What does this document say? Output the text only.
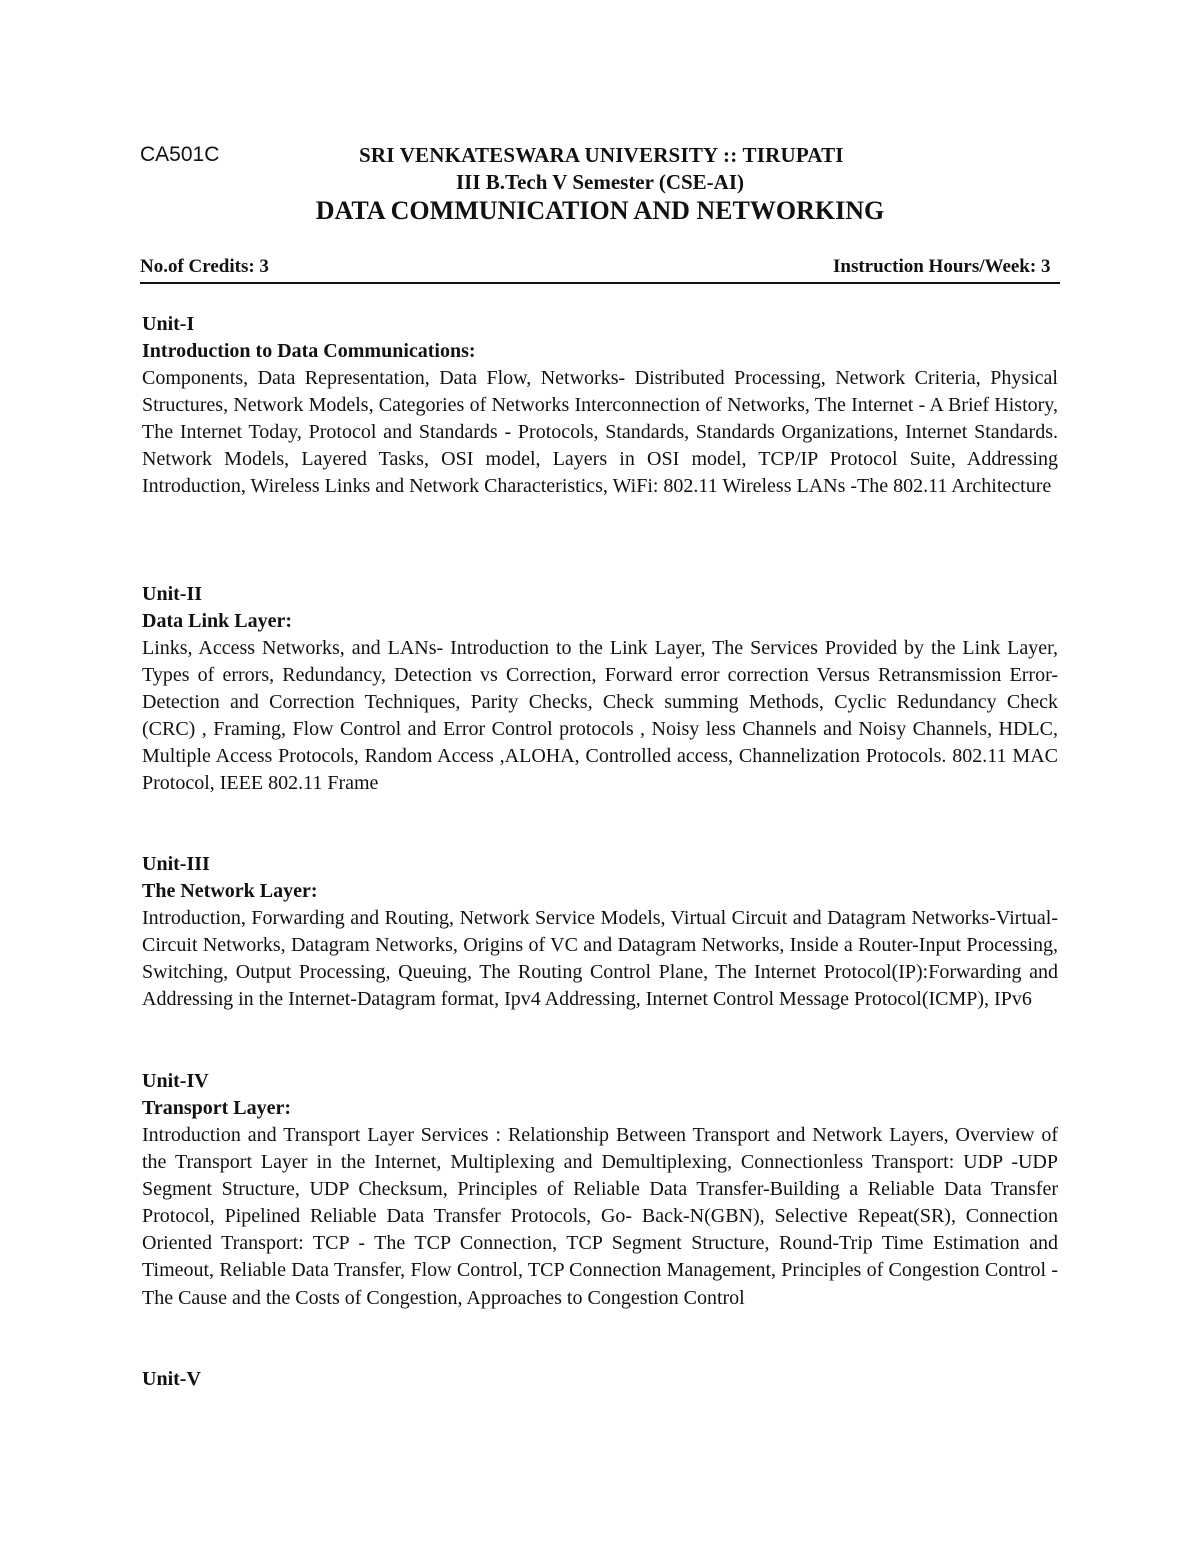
CA501C	SRI VENKATESWARA UNIVERSITY :: TIRUPATI
III B.Tech V Semester (CSE-AI)
DATA COMMUNICATION AND NETWORKING
No.of Credits: 3	Instruction Hours/Week: 3

Unit-I

Introduction to Data Communications:

Components, Data Representation, Data Flow, Networks- Distributed Processing, Network Criteria, Physical Structures, Network Models, Categories of Networks Interconnection of Networks, The Internet - A Brief History, The Internet Today, Protocol and Standards - Protocols, Standards, Standards Organizations, Internet Standards. Network Models, Layered Tasks, OSI model, Layers in OSI model, TCP/IP Protocol Suite, Addressing Introduction, Wireless Links and Network Characteristics, WiFi: 802.11 Wireless LANs -The 802.11 Architecture

Unit-II

Data Link Layer:

Links, Access Networks, and LANs- Introduction to the Link Layer, The Services Provided by the Link Layer, Types of errors, Redundancy, Detection vs Correction, Forward error correction Versus Retransmission Error-Detection and Correction Techniques, Parity Checks, Check summing Methods, Cyclic Redundancy Check (CRC) , Framing, Flow Control and Error Control protocols , Noisy less Channels and Noisy Channels, HDLC, Multiple Access Protocols, Random Access ,ALOHA, Controlled access, Channelization Protocols. 802.11 MAC Protocol, IEEE 802.11 Frame

Unit-III

The Network Layer:

Introduction, Forwarding and Routing, Network Service Models, Virtual Circuit and Datagram Networks-Virtual-Circuit Networks, Datagram Networks, Origins of VC and Datagram Networks, Inside a Router-Input Processing, Switching, Output Processing, Queuing, The Routing Control Plane, The Internet Protocol(IP):Forwarding and Addressing in the Internet-Datagram format, Ipv4 Addressing, Internet Control Message Protocol(ICMP), IPv6

Unit-IV

Transport Layer:

Introduction and Transport Layer Services : Relationship Between Transport and Network Layers, Overview of the Transport Layer in the Internet, Multiplexing and Demultiplexing, Connectionless Transport: UDP -UDP Segment Structure, UDP Checksum, Principles of Reliable Data Transfer-Building a Reliable Data Transfer Protocol, Pipelined Reliable Data Transfer Protocols, Go- Back-N(GBN), Selective Repeat(SR), Connection Oriented Transport: TCP - The TCP Connection, TCP Segment Structure, Round-Trip Time Estimation and Timeout, Reliable Data Transfer, Flow Control, TCP Connection Management, Principles of Congestion Control - The Cause and the Costs of Congestion, Approaches to Congestion Control

Unit-V
